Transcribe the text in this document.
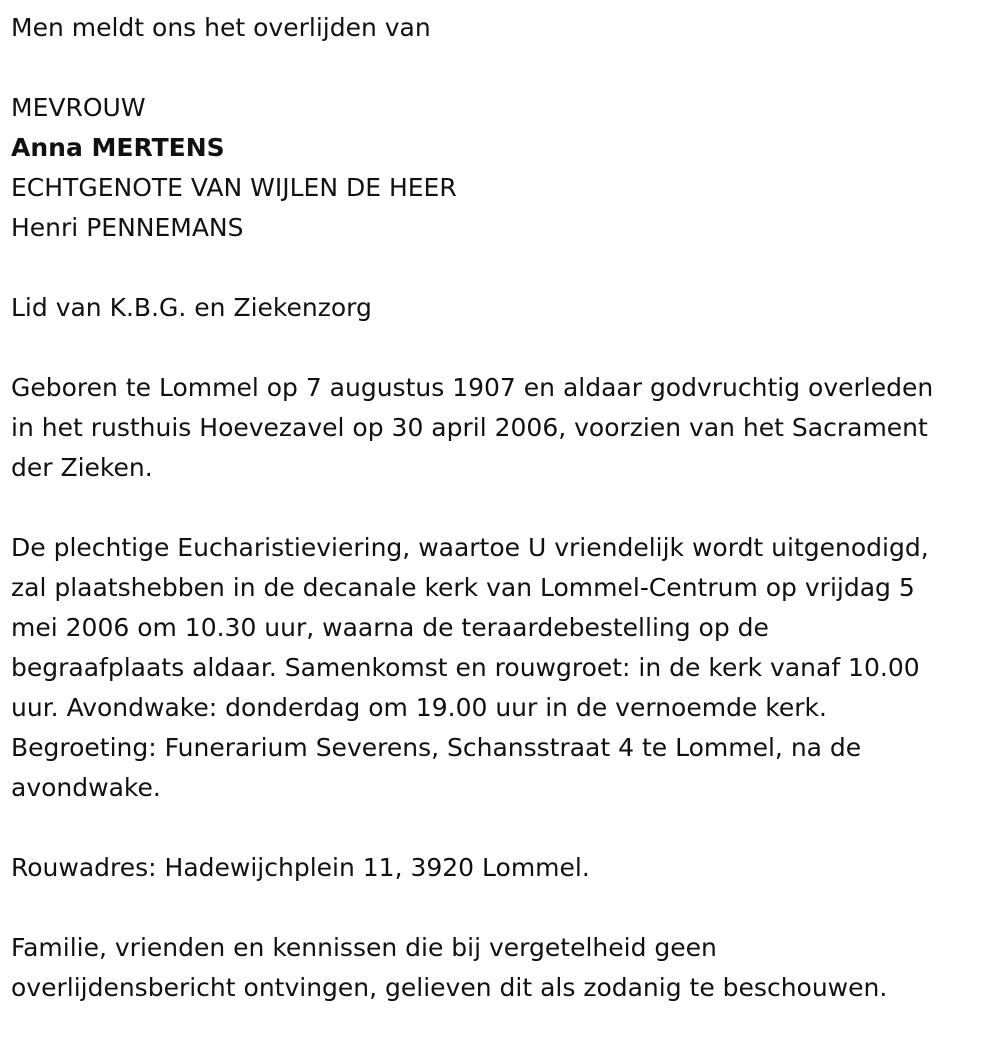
Men meldt ons het overlijden van

MEVROUW

Anna MERTENS

ECHTGENOTE VAN WIJLEN DE HEER

Henri PENNEMANS

Lid van K.B.G. en Ziekenzorg

Geboren te Lommel op 7 augustus 1907 en aldaar godvruchtig overleden

in het rusthuis Hoevezavel op 30 april 2006, voorzien van het Sacrament

der Zieken.

De plechtige Eucharistieviering, waartoe U vriendelijk wordt uitgenodigd,

zal plaatshebben in de decanale kerk van Lommel-Centrum op vrijdag 5

mei 2006 om 10.30 uur, waarna de teraardebestelling op de

begraafplaats aldaar. Samenkomst en rouwgroet: in de kerk vanaf 10.00

uur. Avondwake: donderdag om 19.00 uur in de vernoemde kerk.

Begroeting: Funerarium Severens, Schansstraat 4 te Lommel, na de

avondwake.

Rouwadres: Hadewijchplein 11, 3920 Lommel.

Familie, vrienden en kennissen die bij vergetelheid geen

overlijdensbericht ontvingen, gelieven dit als zodanig te beschouwen.
